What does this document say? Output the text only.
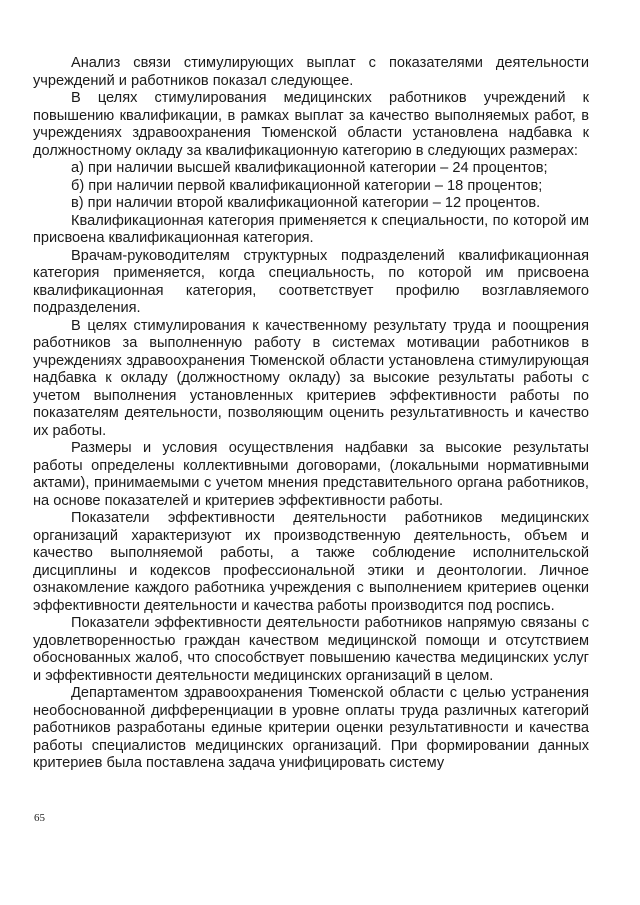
Анализ связи стимулирующих выплат с показателями деятельности учреждений и работников показал следующее.

В целях стимулирования медицинских работников учреждений к повышению квалификации, в рамках выплат за качество выполняемых работ, в учреждениях здравоохранения Тюменской области установлена надбавка к должностному окладу за квалификационную категорию в следующих размерах:

а) при наличии высшей квалификационной категории – 24 процентов;

б) при наличии первой квалификационной категории – 18 процентов;

в) при наличии второй квалификационной категории – 12 процентов.

Квалификационная категория применяется к специальности, по которой им присвоена квалификационная категория.

Врачам-руководителям структурных подразделений квалификационная категория применяется, когда специальность, по которой им присвоена квалификационная категория, соответствует профилю возглавляемого подразделения.

В целях стимулирования к качественному результату труда и поощрения работников за выполненную работу в системах мотивации работников в учреждениях здравоохранения Тюменской области установлена стимулирующая надбавка к окладу (должностному окладу) за высокие результаты работы с учетом выполнения установленных критериев эффективности работы по показателям деятельности, позволяющим оценить результативность и качество их работы.

Размеры и условия осуществления надбавки за высокие результаты работы определены коллективными договорами, (локальными нормативными актами), принимаемыми с учетом мнения представительного органа работников, на основе показателей и критериев эффективности работы.

Показатели эффективности деятельности работников медицинских организаций характеризуют их производственную деятельность, объем и качество выполняемой работы, а также соблюдение исполнительской дисциплины и кодексов профессиональной этики и деонтологии. Личное ознакомление каждого работника учреждения с выполнением критериев оценки эффективности деятельности и качества работы производится под роспись.

Показатели эффективности деятельности работников напрямую связаны с удовлетворенностью граждан качеством медицинской помощи и отсутствием обоснованных жалоб, что способствует повышению качества медицинских услуг и эффективности деятельности медицинских организаций в целом.

Департаментом здравоохранения Тюменской области с целью устранения необоснованной дифференциации в уровне оплаты труда различных категорий работников разработаны единые критерии оценки результативности и качества работы специалистов медицинских организаций. При формировании данных критериев была поставлена задача унифицировать систему

65
